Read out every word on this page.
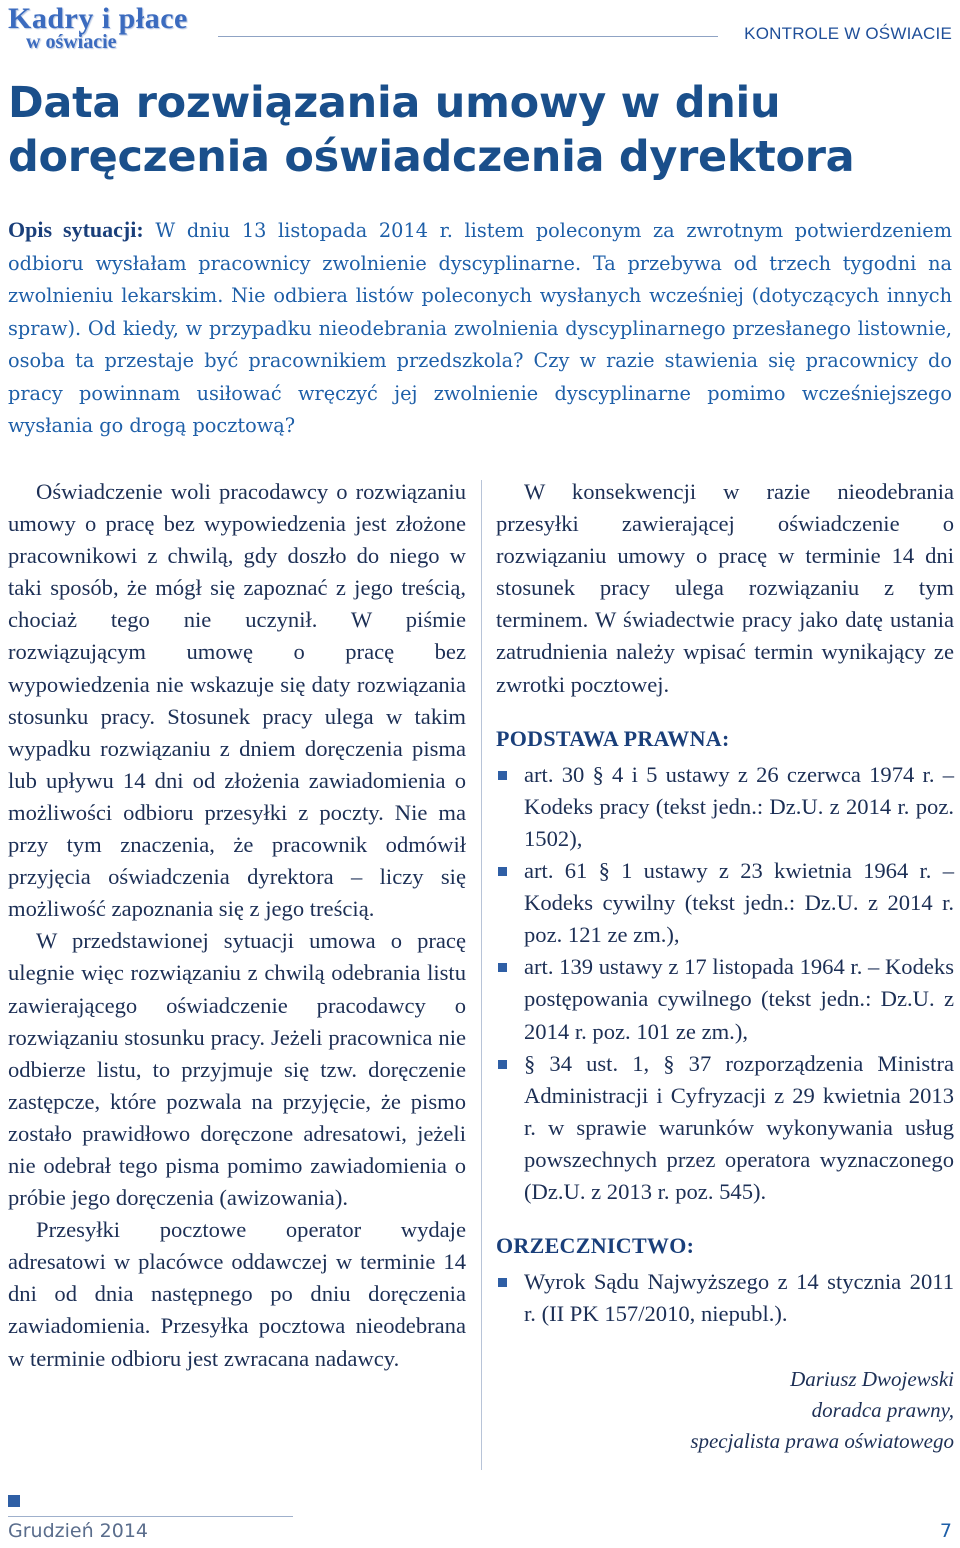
Kadry i płace
w oświacie	KONTROLE W OŚWIACIE
Data rozwiązania umowy w dniu doręczenia oświadczenia dyrektora

Opis sytuacji: W dniu 13 listopada 2014 r. listem poleconym za zwrotnym potwierdzeniem odbioru wysłałam pracownicy zwolnienie dyscyplinarne. Ta przebywa od trzech tygodni na zwolnieniu lekarskim. Nie odbiera listów poleconych wysłanych wcześniej (dotyczących innych spraw). Od kiedy, w przypadku nieodebrania zwolnienia dyscyplinarnego przesłanego listownie, osoba ta przestaje być pracownikiem przedszkola? Czy w razie stawienia się pracownicy do pracy powinnam usiłować wręczyć jej zwolnienie dyscyplinarne pomimo wcześniejszego wysłania go drogą pocztową?

Oświadczenie woli pracodawcy o rozwiązaniu umowy o pracę bez wypowiedzenia jest złożone pracownikowi z chwilą, gdy doszło do niego w taki sposób, że mógł się zapoznać z jego treścią, chociaż tego nie uczynił. W piśmie rozwiązującym umowę o pracę bez wypowiedzenia nie wskazuje się daty rozwiązania stosunku pracy. Stosunek pracy ulega w takim wypadku rozwiązaniu z dniem doręczenia pisma lub upływu 14 dni od złożenia zawiadomienia o możliwości odbioru przesyłki z poczty. Nie ma przy tym znaczenia, że pracownik odmówił przyjęcia oświadczenia dyrektora – liczy się możliwość zapoznania się z jego treścią.

W przedstawionej sytuacji umowa o pracę ulegnie więc rozwiązaniu z chwilą odebrania listu zawierającego oświadczenie pracodawcy o rozwiązaniu stosunku pracy. Jeżeli pracownica nie odbierze listu, to przyjmuje się tzw. doręczenie zastępcze, które pozwala na przyjęcie, że pismo zostało prawidłowo doręczone adresatowi, jeżeli nie odebrał tego pisma pomimo zawiadomienia o próbie jego doręczenia (awizowania).

Przesyłki pocztowe operator wydaje adresatowi w placówce oddawczej w terminie 14 dni od dnia następnego po dniu doręczenia zawiadomienia. Przesyłka pocztowa nieodebrana w terminie odbioru jest zwracana nadawcy.

W konsekwencji w razie nieodebrania przesyłki zawierającej oświadczenie o rozwiązaniu umowy o pracę w terminie 14 dni stosunek pracy ulega rozwiązaniu z tym terminem. W świadectwie pracy jako datę ustania zatrudnienia należy wpisać termin wynikający ze zwrotki pocztowej.

PODSTAWA PRAWNA:
art. 30 § 4 i 5 ustawy z 26 czerwca 1974 r. – Kodeks pracy (tekst jedn.: Dz.U. z 2014 r. poz. 1502),
art. 61 § 1 ustawy z 23 kwietnia 1964 r. – Kodeks cywilny (tekst jedn.: Dz.U. z 2014 r. poz. 121 ze zm.),
art. 139 ustawy z 17 listopada 1964 r. – Kodeks postępowania cywilnego (tekst jedn.: Dz.U. z 2014 r. poz. 101 ze zm.),
§ 34 ust. 1, § 37 rozporządzenia Ministra Administracji i Cyfryzacji z 29 kwietnia 2013 r. w sprawie warunków wykonywania usług powszechnych przez operatora wyznaczonego (Dz.U. z 2013 r. poz. 545).
ORZECZNICTWO:
Wyrok Sądu Najwyższego z 14 stycznia 2011 r. (II PK 157/2010, niepubl.).
Dariusz Dwojewski
doradca prawny,
specjalista prawa oświatowego
Grudzień 2014	7
